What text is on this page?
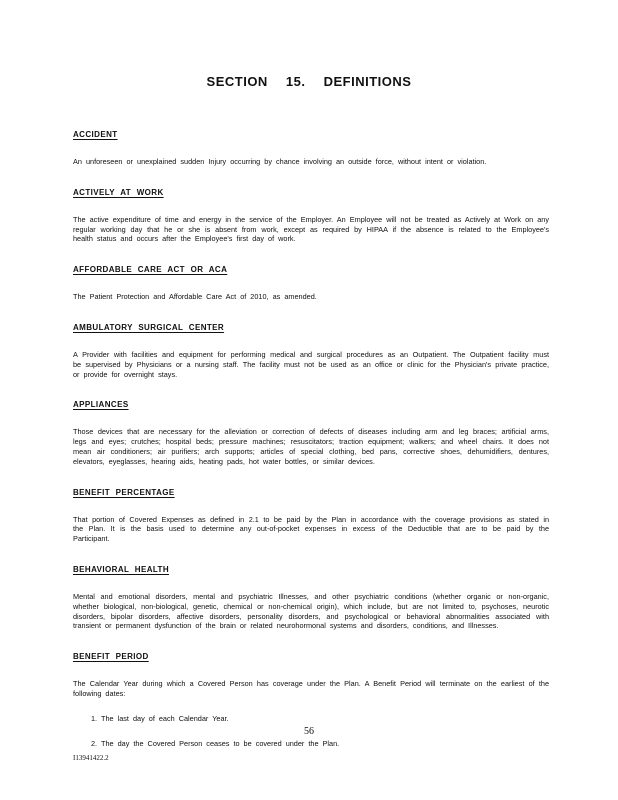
SECTION 15. DEFINITIONS
ACCIDENT

An unforeseen or unexplained sudden Injury occurring by chance involving an outside force, without intent or violation.

ACTIVELY AT WORK

The active expenditure of time and energy in the service of the Employer. An Employee will not be treated as Actively at Work on any regular working day that he or she is absent from work, except as required by HIPAA if the absence is related to the Employee's health status and occurs after the Employee's first day of work.

AFFORDABLE CARE ACT OR ACA

The Patient Protection and Affordable Care Act of 2010, as amended.

AMBULATORY SURGICAL CENTER

A Provider with facilities and equipment for performing medical and surgical procedures as an Outpatient. The Outpatient facility must be supervised by Physicians or a nursing staff. The facility must not be used as an office or clinic for the Physician's private practice, or provide for overnight stays.

APPLIANCES

Those devices that are necessary for the alleviation or correction of defects of diseases including arm and leg braces; artificial arms, legs and eyes; crutches; hospital beds; pressure machines; resuscitators; traction equipment; walkers; and wheel chairs. It does not mean air conditioners; air purifiers; arch supports; articles of special clothing, bed pans, corrective shoes, dehumidifiers, dentures, elevators, eyeglasses, hearing aids, heating pads, hot water bottles, or similar devices.

BENEFIT PERCENTAGE

That portion of Covered Expenses as defined in 2.1 to be paid by the Plan in accordance with the coverage provisions as stated in the Plan. It is the basis used to determine any out-of-pocket expenses in excess of the Deductible that are to be paid by the Participant.

BEHAVIORAL HEALTH

Mental and emotional disorders, mental and psychiatric Illnesses, and other psychiatric conditions (whether organic or non-organic, whether biological, non-biological, genetic, chemical or non-chemical origin), which include, but are not limited to, psychoses, neurotic disorders, bipolar disorders, affective disorders, personality disorders, and psychological or behavioral abnormalities associated with transient or permanent dysfunction of the brain or related neurohormonal systems and disorders, conditions, and Illnesses.

BENEFIT PERIOD

The Calendar Year during which a Covered Person has coverage under the Plan. A Benefit Period will terminate on the earliest of the following dates:

1. The last day of each Calendar Year.

2. The day the Covered Person ceases to be covered under the Plan.

56
I13941422.2
